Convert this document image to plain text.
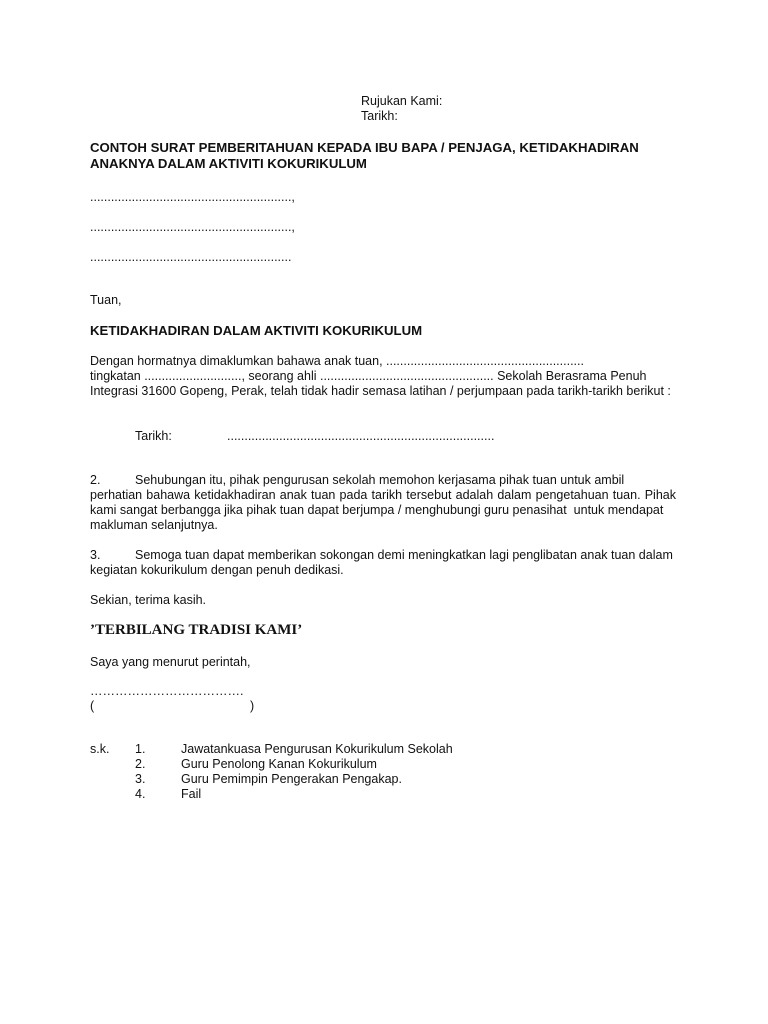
Rujukan Kami:

Tarikh:

CONTOH SURAT PEMBERITAHUAN KEPADA IBU BAPA / PENJAGA, KETIDAKHADIRAN

ANAKNYA DALAM AKTIVITI KOKURIKULUM

..........................................................,

..........................................................,

..........................................................

Tuan,

KETIDAKHADIRAN DALAM AKTIVITI KOKURIKULUM

Dengan hormatnya dimaklumkan bahawa anak tuan, .........................................................

tingkatan ............................, seorang ahli .................................................. Sekolah Berasrama Penuh

Integrasi 31600 Gopeng, Perak, telah tidak hadir semasa latihan / perjumpaan pada tarikh-tarikh berikut :

Tarikh:	.............................................................................

2.	Sehubungan itu, pihak pengurusan sekolah memohon kerjasama pihak tuan untuk ambil

perhatian bahawa ketidakhadiran anak tuan pada tarikh tersebut adalah dalam pengetahuan tuan. Pihak

kami sangat berbangga jika pihak tuan dapat berjumpa / menghubungi guru penasihat  untuk mendapat

makluman selanjutnya.

3.	Semoga tuan dapat memberikan sokongan demi meningkatkan lagi penglibatan anak tuan dalam

kegiatan kokurikulum dengan penuh dedikasi.

Sekian, terima kasih.

’TERBILANG TRADISI KAMI’

Saya yang menurut perintah,

……………………………….

(	)

s.k. 1.	Jawatankuasa Pengurusan Kokurikulum Sekolah

2.	Guru Penolong Kanan Kokurikulum

3.	Guru Pemimpin Pengerakan Pengakap.

4.	Fail
